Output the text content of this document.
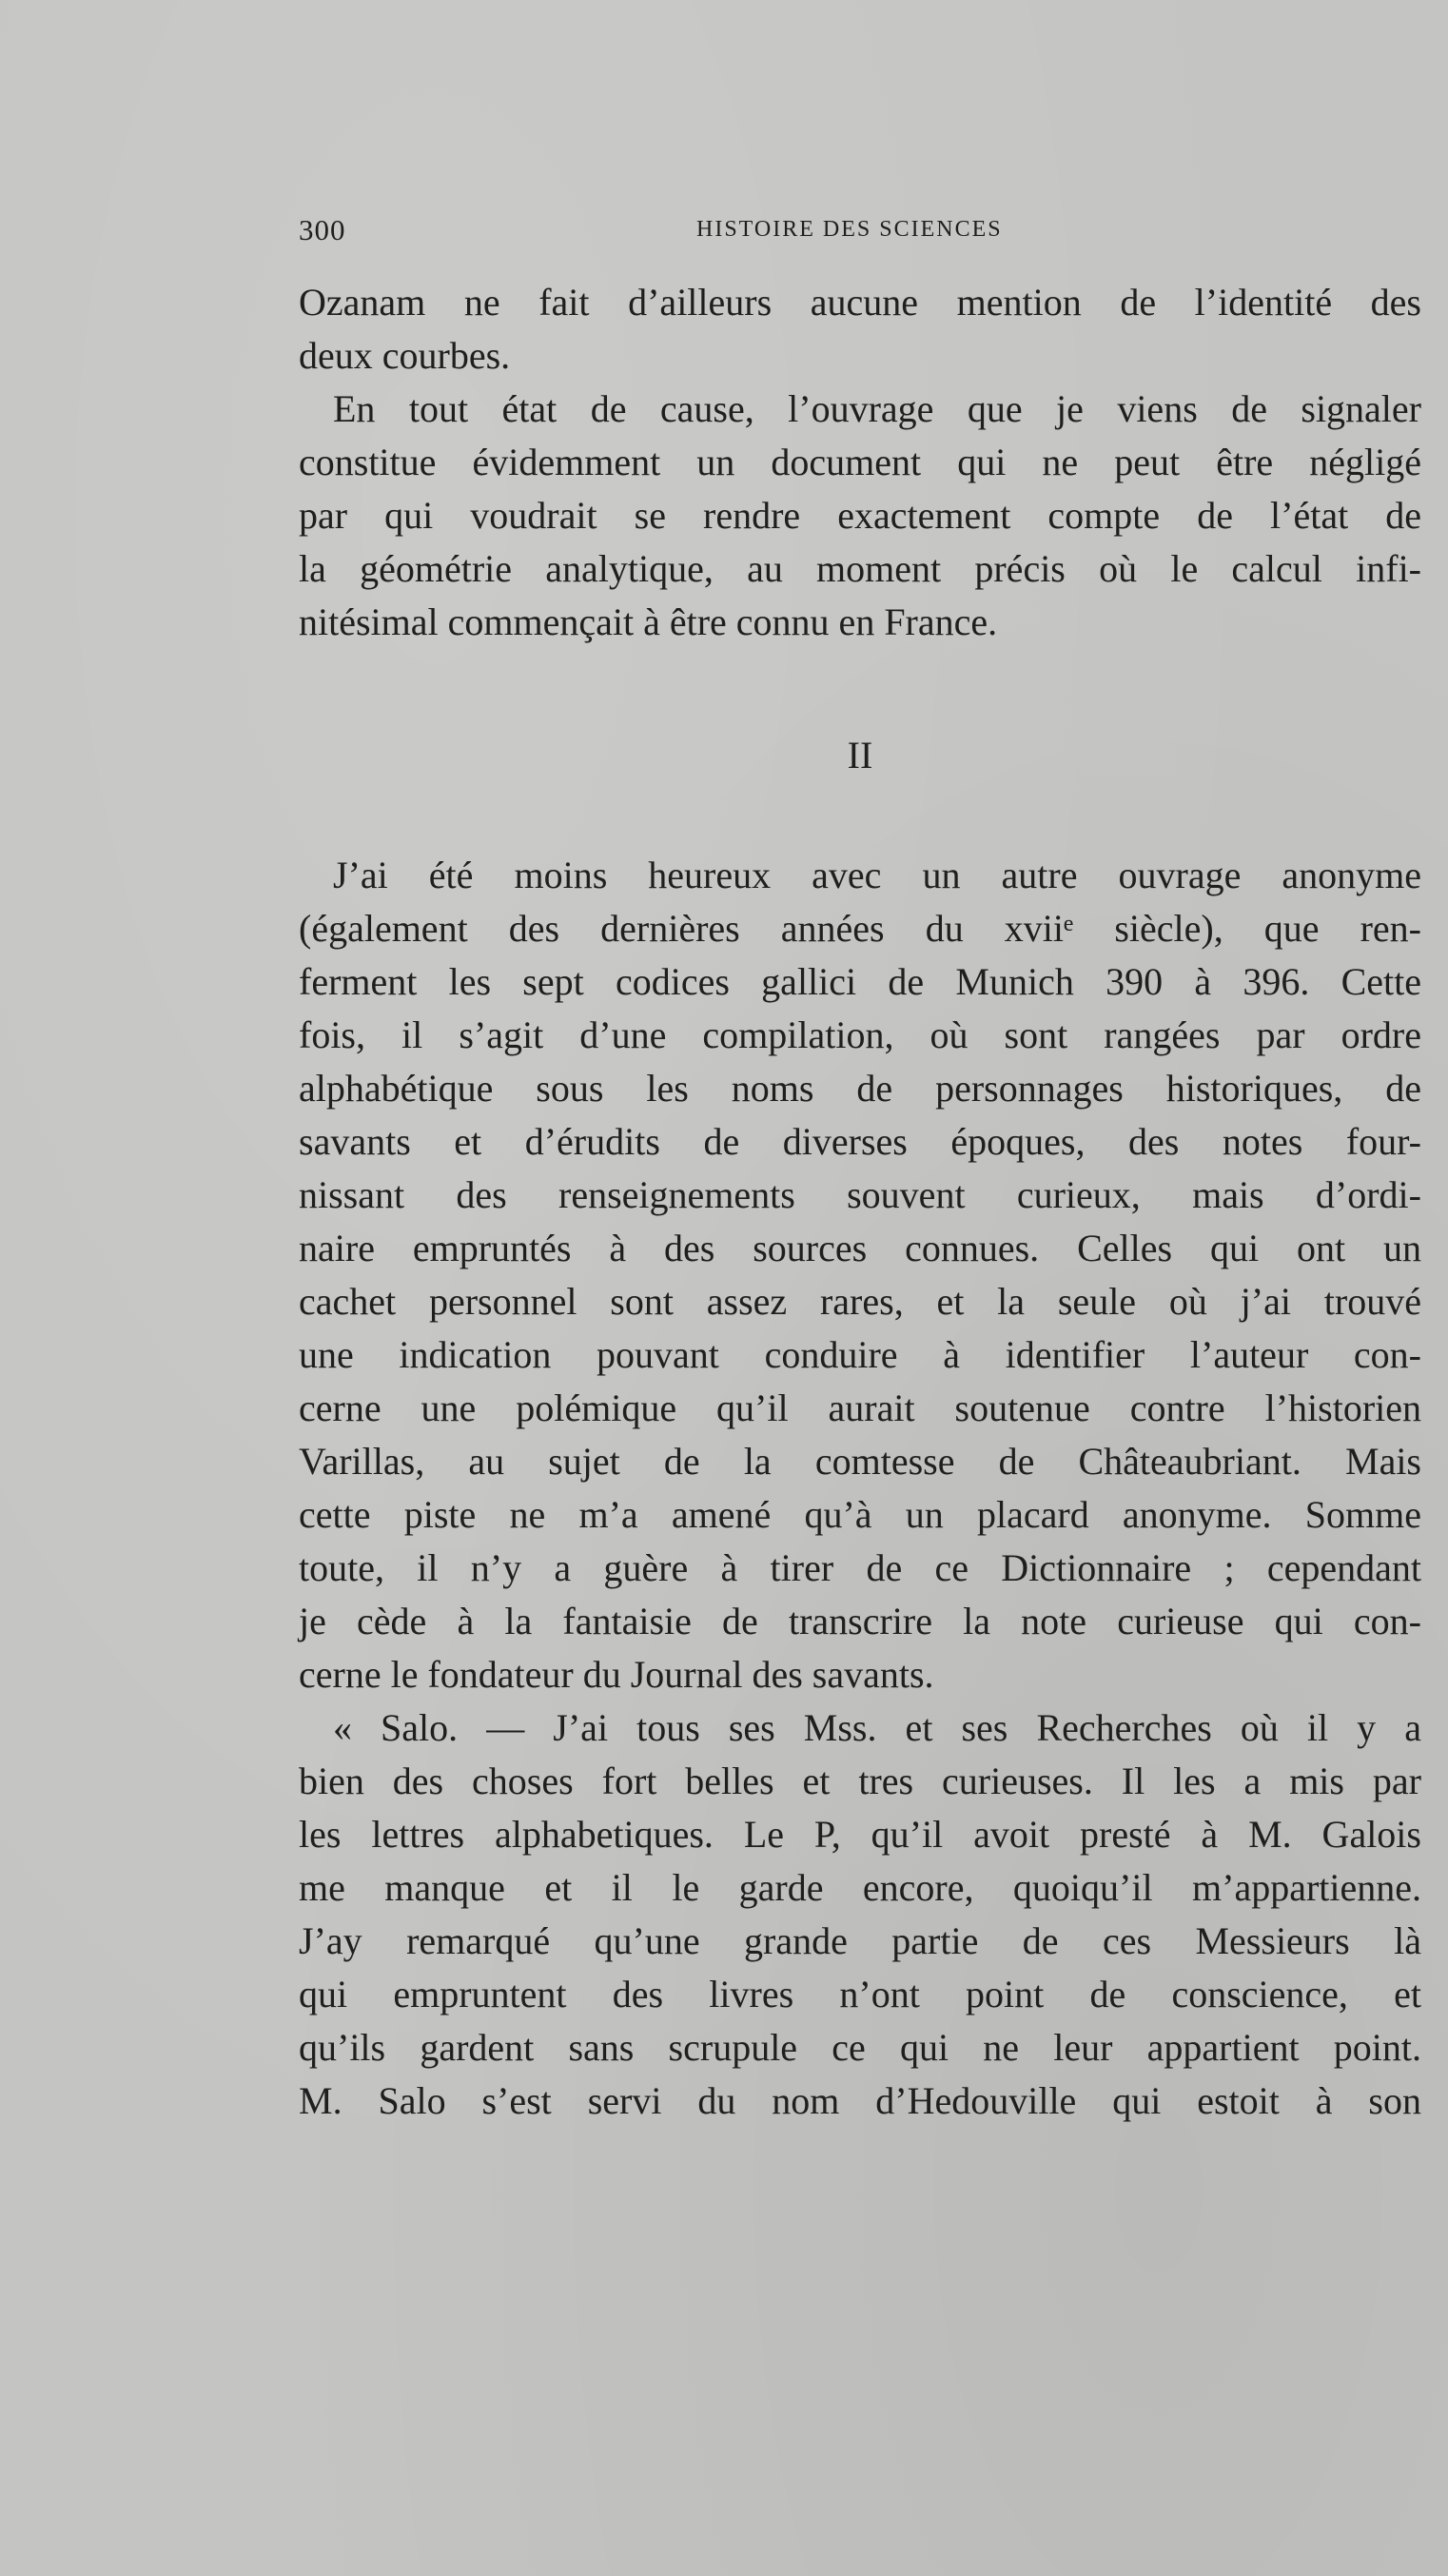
300	HISTOIRE DES SCIENCES
Ozanam ne fait d’ailleurs aucune mention de l’identité des
deux courbes.
En tout état de cause, l’ouvrage que je viens de signaler
constitue évidemment un document qui ne peut être négligé
par qui voudrait se rendre exactement compte de l’état de
la géométrie analytique, au moment précis où le calcul infi-
nitésimal commençait à être connu en France.
II
J’ai été moins heureux avec un autre ouvrage anonyme
(également des dernières années du xviiᵉ siècle), que ren-
ferment les sept codices gallici de Munich 390 à 396. Cette
fois, il s’agit d’une compilation, où sont rangées par ordre
alphabétique sous les noms de personnages historiques, de
savants et d’érudits de diverses époques, des notes four-
nissant des renseignements souvent curieux, mais d’ordi-
naire empruntés à des sources connues. Celles qui ont un
cachet personnel sont assez rares, et la seule où j’ai trouvé
une indication pouvant conduire à identifier l’auteur con-
cerne une polémique qu’il aurait soutenue contre l’historien
Varillas, au sujet de la comtesse de Châteaubriant. Mais
cette piste ne m’a amené qu’à un placard anonyme. Somme
toute, il n’y a guère à tirer de ce Dictionnaire ; cependant
je cède à la fantaisie de transcrire la note curieuse qui con-
cerne le fondateur du Journal des savants.
« Salo. — J’ai tous ses Mss. et ses Recherches où il y a
bien des choses fort belles et tres curieuses. Il les a mis par
les lettres alphabetiques. Le P, qu’il avoit presté à M. Galois
me manque et il le garde encore, quoiqu’il m’appartienne.
J’ay remarqué qu’une grande partie de ces Messieurs là
qui empruntent des livres n’ont point de conscience, et
qu’ils gardent sans scrupule ce qui ne leur appartient point.
M. Salo s’est servi du nom d’Hedouville qui estoit à son
